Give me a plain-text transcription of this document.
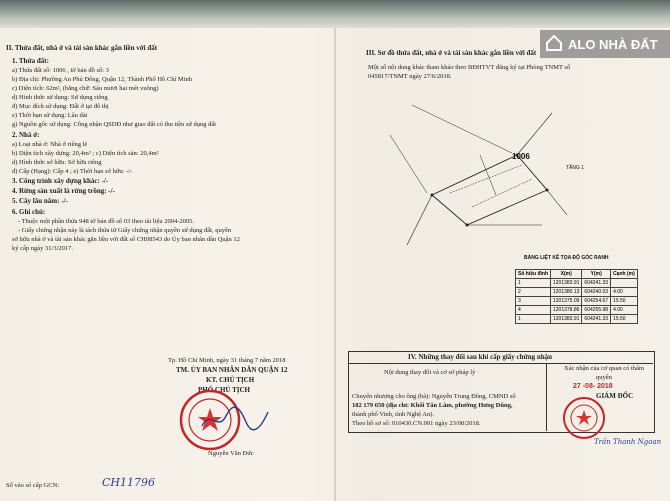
ALO NHÀ ĐẤT
II. Thửa đất, nhà ở và tài sản khác gắn liền với đất
1. Thửa đất:
a) Thửa đất số: 1006 , tờ bản đồ số: 3
b) Địa chỉ: Phường An Phú Đông, Quận 12, Thành Phố Hồ Chí Minh
c) Diện tích: 62m², (bằng chữ: Sáu mươi hai mét vuông)
d) Hình thức sử dụng: Sử dụng riêng
đ) Mục đích sử dụng: Đất ở tại đô thị
e) Thời hạn sử dụng: Lâu dài
g) Nguồn gốc sử dụng: Công nhận QSDĐ như giao đất có thu tiền sử dụng đất
2. Nhà ở:
a) Loại nhà ở: Nhà ở riêng lẻ
b) Diện tích xây dựng: 20,4m² ; c) Diện tích sàn: 20,4m²
d) Hình thức sở hữu: Sở hữu riêng
đ) Cấp (Hạng): Cấp 4 ; e) Thời hạn sở hữu: -/-
3. Công trình xây dựng khác: -/-
4. Rừng sản xuất là rừng trồng: -/-
5. Cây lâu năm: -/-
6. Ghi chú:
- Thuộc một phần thửa 948 tờ bản đồ số 03 theo tài liệu 2004-2005.
- Giấy chứng nhận này là tách thửa từ Giấy chứng nhận quyền sử dụng đất, quyền
sở hữu nhà ở và tài sản khác gắn liền với đất số CH08543 do Ủy ban nhân dân Quận 12
ký cấp ngày 31/3/2017.
Tp. Hồ Chí Minh, ngày 31 tháng 7 năm 2018
TM. ỦY BAN NHÂN DÂN QUẬN 12
KT. CHỦ TỊCH
PHÓ CHỦ TỊCH
Nguyễn Văn Đức
Số vào sổ cấp GCN:	CH11796
III. Sơ đồ thửa đất, nhà ở và tài sản khác gắn liền với đất
Một số nội dung khác tham khảo theo BĐHTVT đăng ký tại Phòng TNMT số
045817/TNMT ngày 27/6/2018.
1006
TẦNG 1
BẢNG LIỆT KÊ TỌA ĐỘ GÓC RANH
Số hiệu đỉnh	X(m)	Y(m)	Cạnh (m)
1	1201383.91	604241.33	
2	1201380.13	604240.03	4.00
3	1201375.09	604254.67	15.50
4	1201378.86	604255.98	4.00
1	1201383.91	604241.33	15.50
IV. Những thay đổi sau khi cấp giấy chứng nhận
Nội dung thay đổi và cơ sở pháp lý
Xác nhận của cơ quan có thẩm quyền
Chuyển nhượng cho ông (bà): Nguyễn Trung Đông, CMND số
182 179 650 (địa chỉ: Khối Tân Lâm, phường Hưng Dũng,
thành phố Vinh, tỉnh Nghệ An).
Theo hồ sơ số: 010430.CN.001 ngày 23/08/2018.
27 -08- 2018
GIÁM ĐỐC
Trần Thanh Ngoan
